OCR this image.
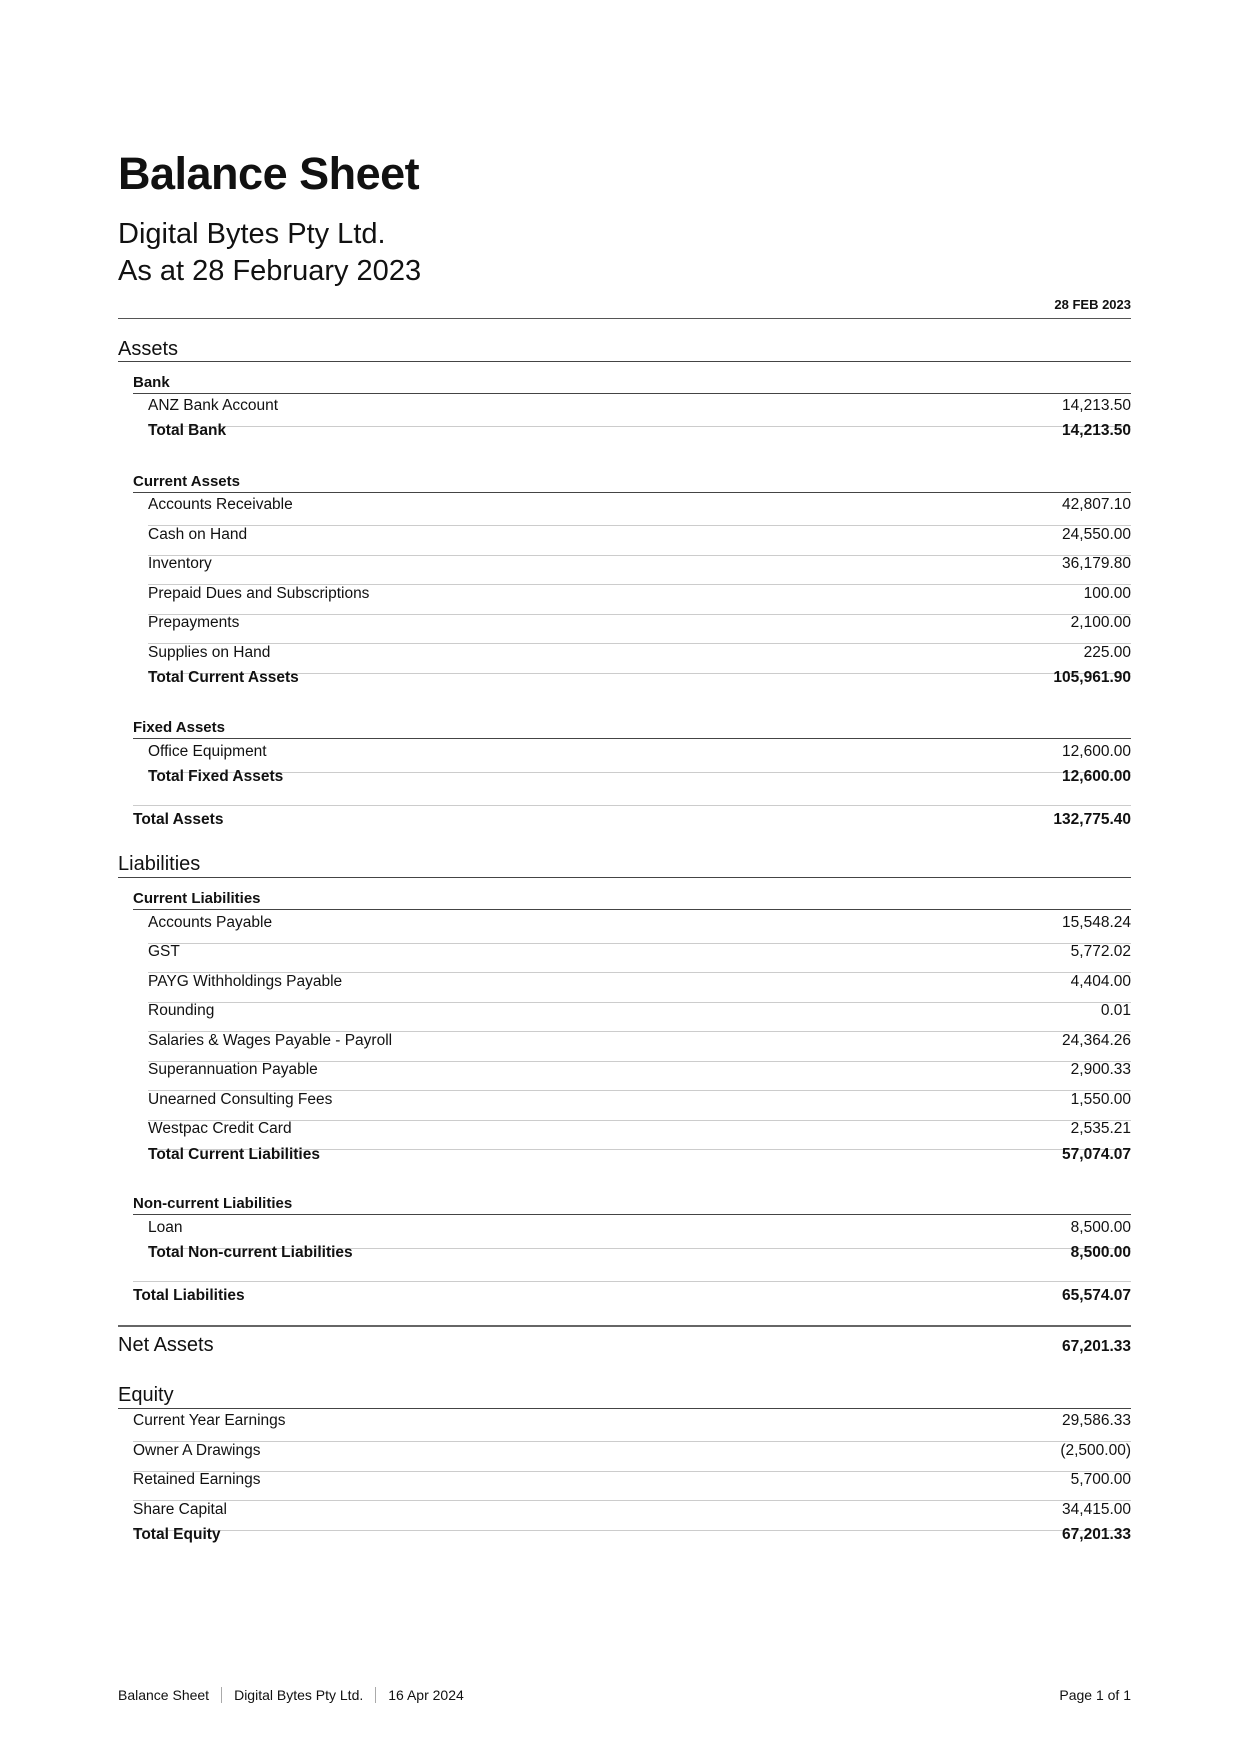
Balance Sheet
Digital Bytes Pty Ltd.
As at 28 February 2023
28 FEB 2023
Assets
Bank
ANZ Bank Account	14,213.50
Total Bank	14,213.50
Current Assets
Accounts Receivable	42,807.10
Cash on Hand	24,550.00
Inventory	36,179.80
Prepaid Dues and Subscriptions	100.00
Prepayments	2,100.00
Supplies on Hand	225.00
Total Current Assets	105,961.90
Fixed Assets
Office Equipment	12,600.00
Total Fixed Assets	12,600.00
Total Assets	132,775.40
Liabilities
Current Liabilities
Accounts Payable	15,548.24
GST	5,772.02
PAYG Withholdings Payable	4,404.00
Rounding	0.01
Salaries & Wages Payable - Payroll	24,364.26
Superannuation Payable	2,900.33
Unearned Consulting Fees	1,550.00
Westpac Credit Card	2,535.21
Total Current Liabilities	57,074.07
Non-current Liabilities
Loan	8,500.00
Total Non-current Liabilities	8,500.00
Total Liabilities	65,574.07
Net Assets	67,201.33
Equity
Current Year Earnings	29,586.33
Owner A Drawings	(2,500.00)
Retained Earnings	5,700.00
Share Capital	34,415.00
Total Equity	67,201.33
Balance Sheet Digital Bytes Pty Ltd. 16 Apr 2024	Page 1 of 1
